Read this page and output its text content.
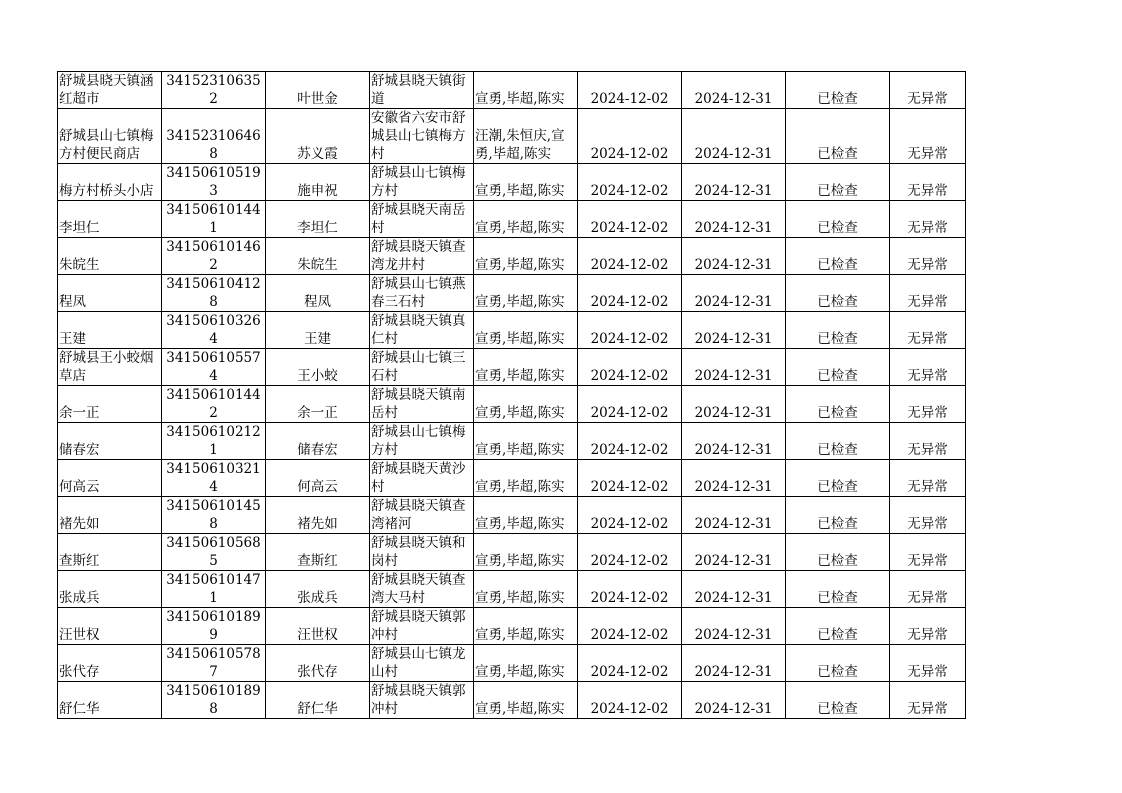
舒城县晓天镇涵红超市	341523106352	叶世金	舒城县晓天镇街道	宣勇,毕超,陈实	2024-12-02	2024-12-31	已检查	无异常
舒城县山七镇梅方村便民商店	341523106468	苏义霞	安徽省六安市舒城县山七镇梅方村	汪潮,朱恒庆,宣勇,毕超,陈实	2024-12-02	2024-12-31	已检查	无异常
梅方村桥头小店	341506105193	施申祝	舒城县山七镇梅方村	宣勇,毕超,陈实	2024-12-02	2024-12-31	已检查	无异常
李坦仁	341506101441	李坦仁	舒城县晓天南岳村	宣勇,毕超,陈实	2024-12-02	2024-12-31	已检查	无异常
朱皖生	341506101462	朱皖生	舒城县晓天镇查湾龙井村	宣勇,毕超,陈实	2024-12-02	2024-12-31	已检查	无异常
程凤	341506104128	程凤	舒城县山七镇燕春三石村	宣勇,毕超,陈实	2024-12-02	2024-12-31	已检查	无异常
王建	341506103264	王建	舒城县晓天镇真仁村	宣勇,毕超,陈实	2024-12-02	2024-12-31	已检查	无异常
舒城县王小蛟烟草店	341506105574	王小蛟	舒城县山七镇三石村	宣勇,毕超,陈实	2024-12-02	2024-12-31	已检查	无异常
余一正	341506101442	余一正	舒城县晓天镇南岳村	宣勇,毕超,陈实	2024-12-02	2024-12-31	已检查	无异常
储春宏	341506102121	储春宏	舒城县山七镇梅方村	宣勇,毕超,陈实	2024-12-02	2024-12-31	已检查	无异常
何高云	341506103214	何高云	舒城县晓天黄沙村	宣勇,毕超,陈实	2024-12-02	2024-12-31	已检查	无异常
褚先如	341506101458	褚先如	舒城县晓天镇查湾褚河	宣勇,毕超,陈实	2024-12-02	2024-12-31	已检查	无异常
查斯红	341506105685	查斯红	舒城县晓天镇和岗村	宣勇,毕超,陈实	2024-12-02	2024-12-31	已检查	无异常
张成兵	341506101471	张成兵	舒城县晓天镇查湾大马村	宣勇,毕超,陈实	2024-12-02	2024-12-31	已检查	无异常
汪世权	341506101899	汪世权	舒城县晓天镇郭冲村	宣勇,毕超,陈实	2024-12-02	2024-12-31	已检查	无异常
张代存	341506105787	张代存	舒城县山七镇龙山村	宣勇,毕超,陈实	2024-12-02	2024-12-31	已检查	无异常
舒仁华	341506101898	舒仁华	舒城县晓天镇郭冲村	宣勇,毕超,陈实	2024-12-02	2024-12-31	已检查	无异常
